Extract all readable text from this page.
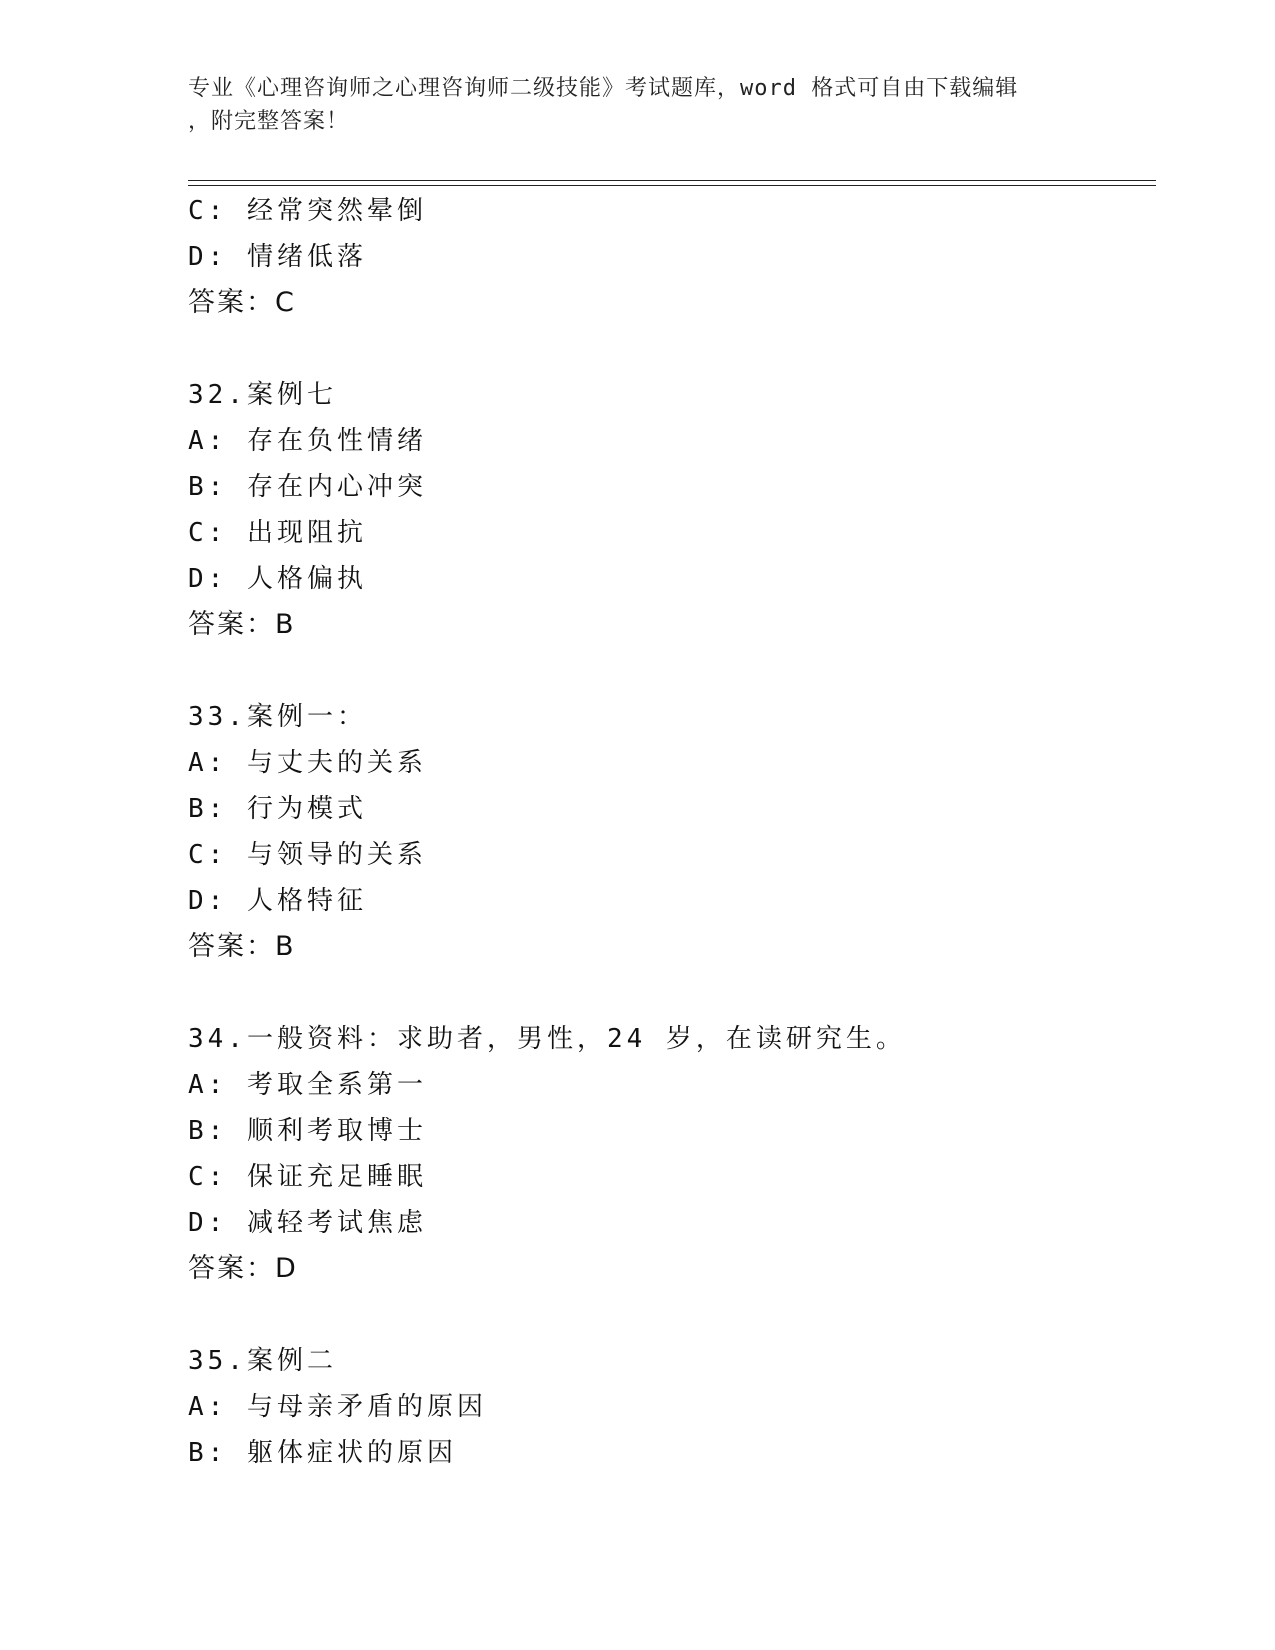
专业《心理咨询师之心理咨询师二级技能》考试题库，word 格式可自由下载编辑
，附完整答案！
C: 经常突然晕倒
D: 情绪低落
答案：C
32.案例七
A: 存在负性情绪
B: 存在内心冲突
C: 出现阻抗
D: 人格偏执
答案：B
33.案例一：
A: 与丈夫的关系
B: 行为模式
C: 与领导的关系
D: 人格特征
答案：B
34.一般资料：求助者，男性，24 岁，在读研究生。
A: 考取全系第一
B: 顺利考取博士
C: 保证充足睡眠
D: 减轻考试焦虑
答案：D
35.案例二
A: 与母亲矛盾的原因
B: 躯体症状的原因
